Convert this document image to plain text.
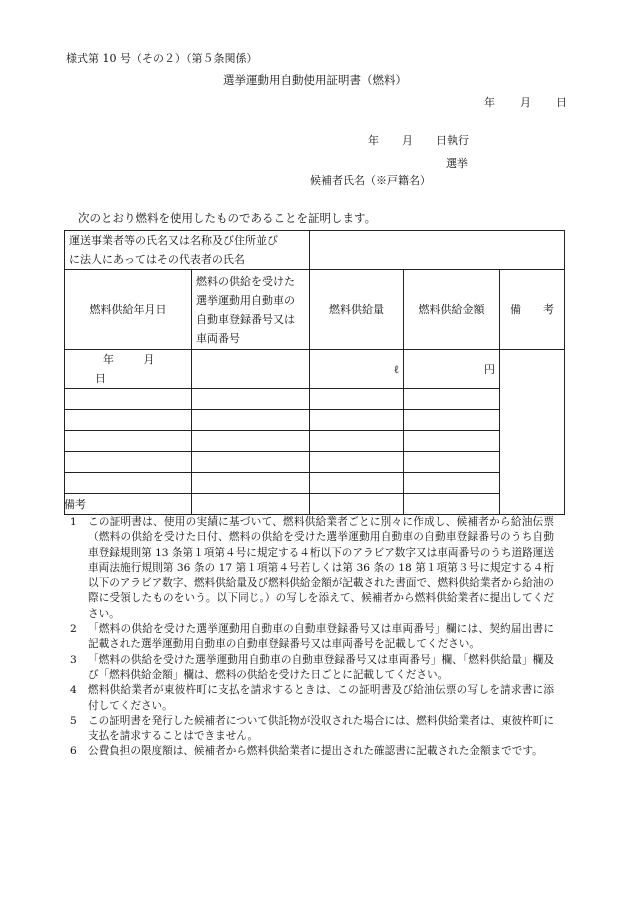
様式第 10 号（その２）（第５条関係）
選挙運動用自動使用証明書（燃料）
年 月 日
年 月 日執行
選挙
候補者氏名（※戸籍名）
次のとおり燃料を使用したものであることを証明します。
運送事業者等の氏名又は名称及び住所並び
に法人にあってはその代表者の氏名				

燃料供給年月日	燃料の供給を受けた選挙運動用自動車の自動車登録番号又は車両番号	燃料供給量	燃料供給金額	備　　考
年 月 日		ℓ	円	

備考
1	この証明書は、使用の実績に基づいて、燃料供給業者ごとに別々に作成し、候補者から給油伝票（燃料の供給を受けた日付、燃料の供給を受けた選挙運動用自動車の自動車登録番号のうち自動車登録規則第 13 条第１項第４号に規定する４桁以下のアラビア数字又は車両番号のうち道路運送車両法施行規則第 36 条の 17 第１項第４号若しくは第 36 条の 18 第１項第３号に規定する４桁以下のアラビア数字、燃料供給量及び燃料供給金額が記載された書面で、燃料供給業者から給油の際に受領したものをいう。以下同じ。）の写しを添えて、候補者から燃料供給業者に提出してください。
2	「燃料の供給を受けた選挙運動用自動車の自動車登録番号又は車両番号」欄には、契約届出書に記載された選挙運動用自動車の自動車登録番号又は車両番号を記載してください。
3	「燃料の供給を受けた選挙運動用自動車の自動車登録番号又は車両番号」欄、「燃料供給量」欄及び「燃料供給金額」欄は、燃料の供給を受けた日ごとに記載してください。
4	燃料供給業者が東彼杵町に支払を請求するときは、この証明書及び給油伝票の写しを請求書に添付してください。
5	この証明書を発行した候補者について供託物が没収された場合には、燃料供給業者は、東彼杵町に支払を請求することはできません。
6	公費負担の限度額は、候補者から燃料供給業者に提出された確認書に記載された金額までです。
